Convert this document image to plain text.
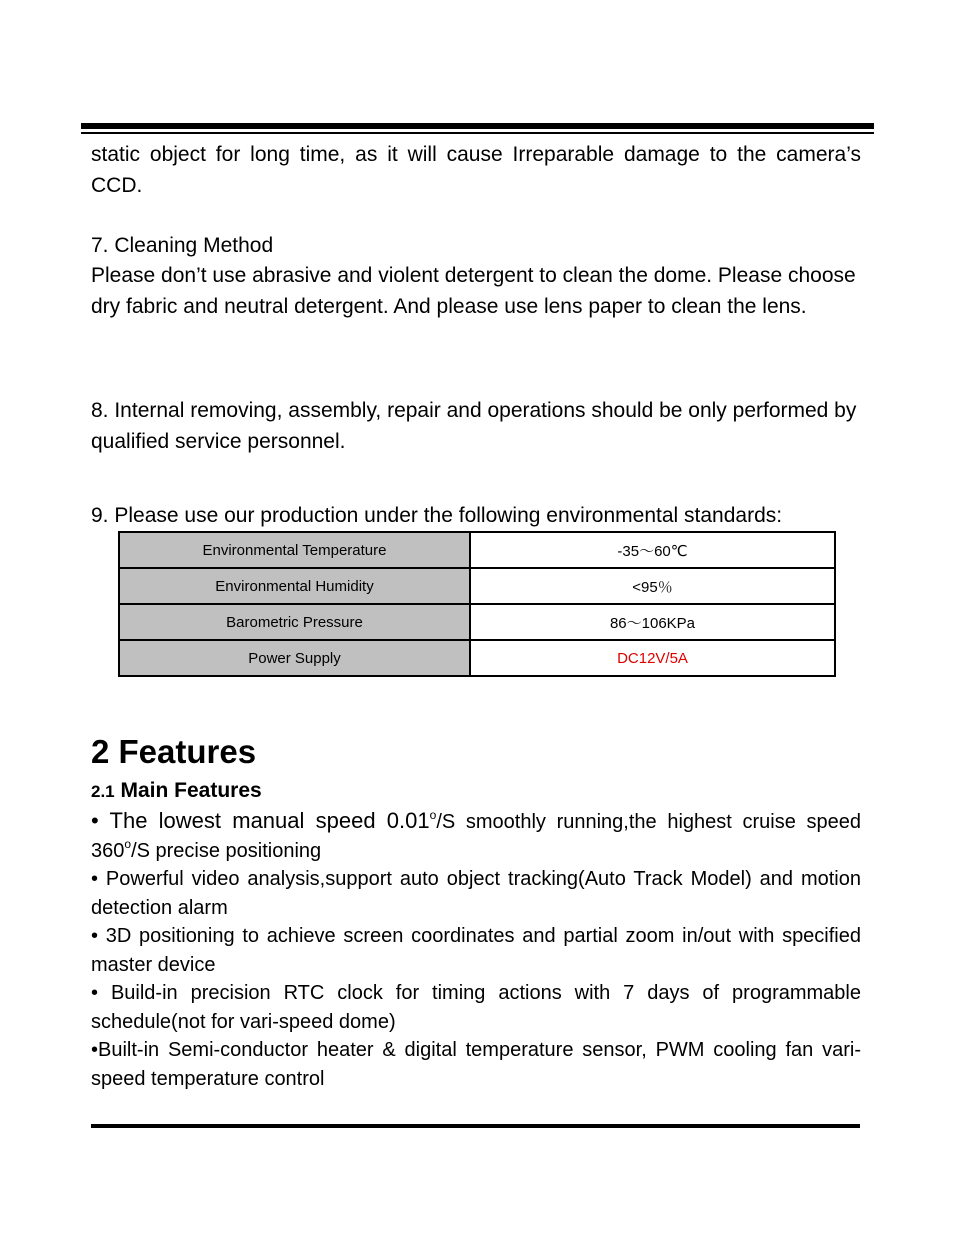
static object for long time, as it will cause Irreparable damage to the camera’s CCD.
7. Cleaning Method
Please don’t use abrasive and violent detergent to clean the dome. Please choose dry fabric and neutral detergent. And please use lens paper to clean the lens.
8. Internal removing, assembly, repair and operations should be only performed by qualified service personnel.
9. Please use our production under the following environmental standards:
Environmental Temperature	-35～60℃
Environmental Humidity	<95％
Barometric Pressure	86～106KPa
Power Supply	DC12V/5A
2 Features
2.1 Main Features
• The lowest manual speed 0.01$^o$/S smoothly running,the highest cruise speed 360$^o$/S precise positioning
• Powerful video analysis,support auto object tracking(Auto Track Model) and motion detection alarm
• 3D positioning to achieve screen coordinates and partial zoom in/out with specified master device
• Build-in precision RTC clock for timing actions with 7 days of programmable schedule(not for vari-speed dome)
•Built-in Semi-conductor heater & digital temperature sensor, PWM cooling fan vari-speed temperature control
